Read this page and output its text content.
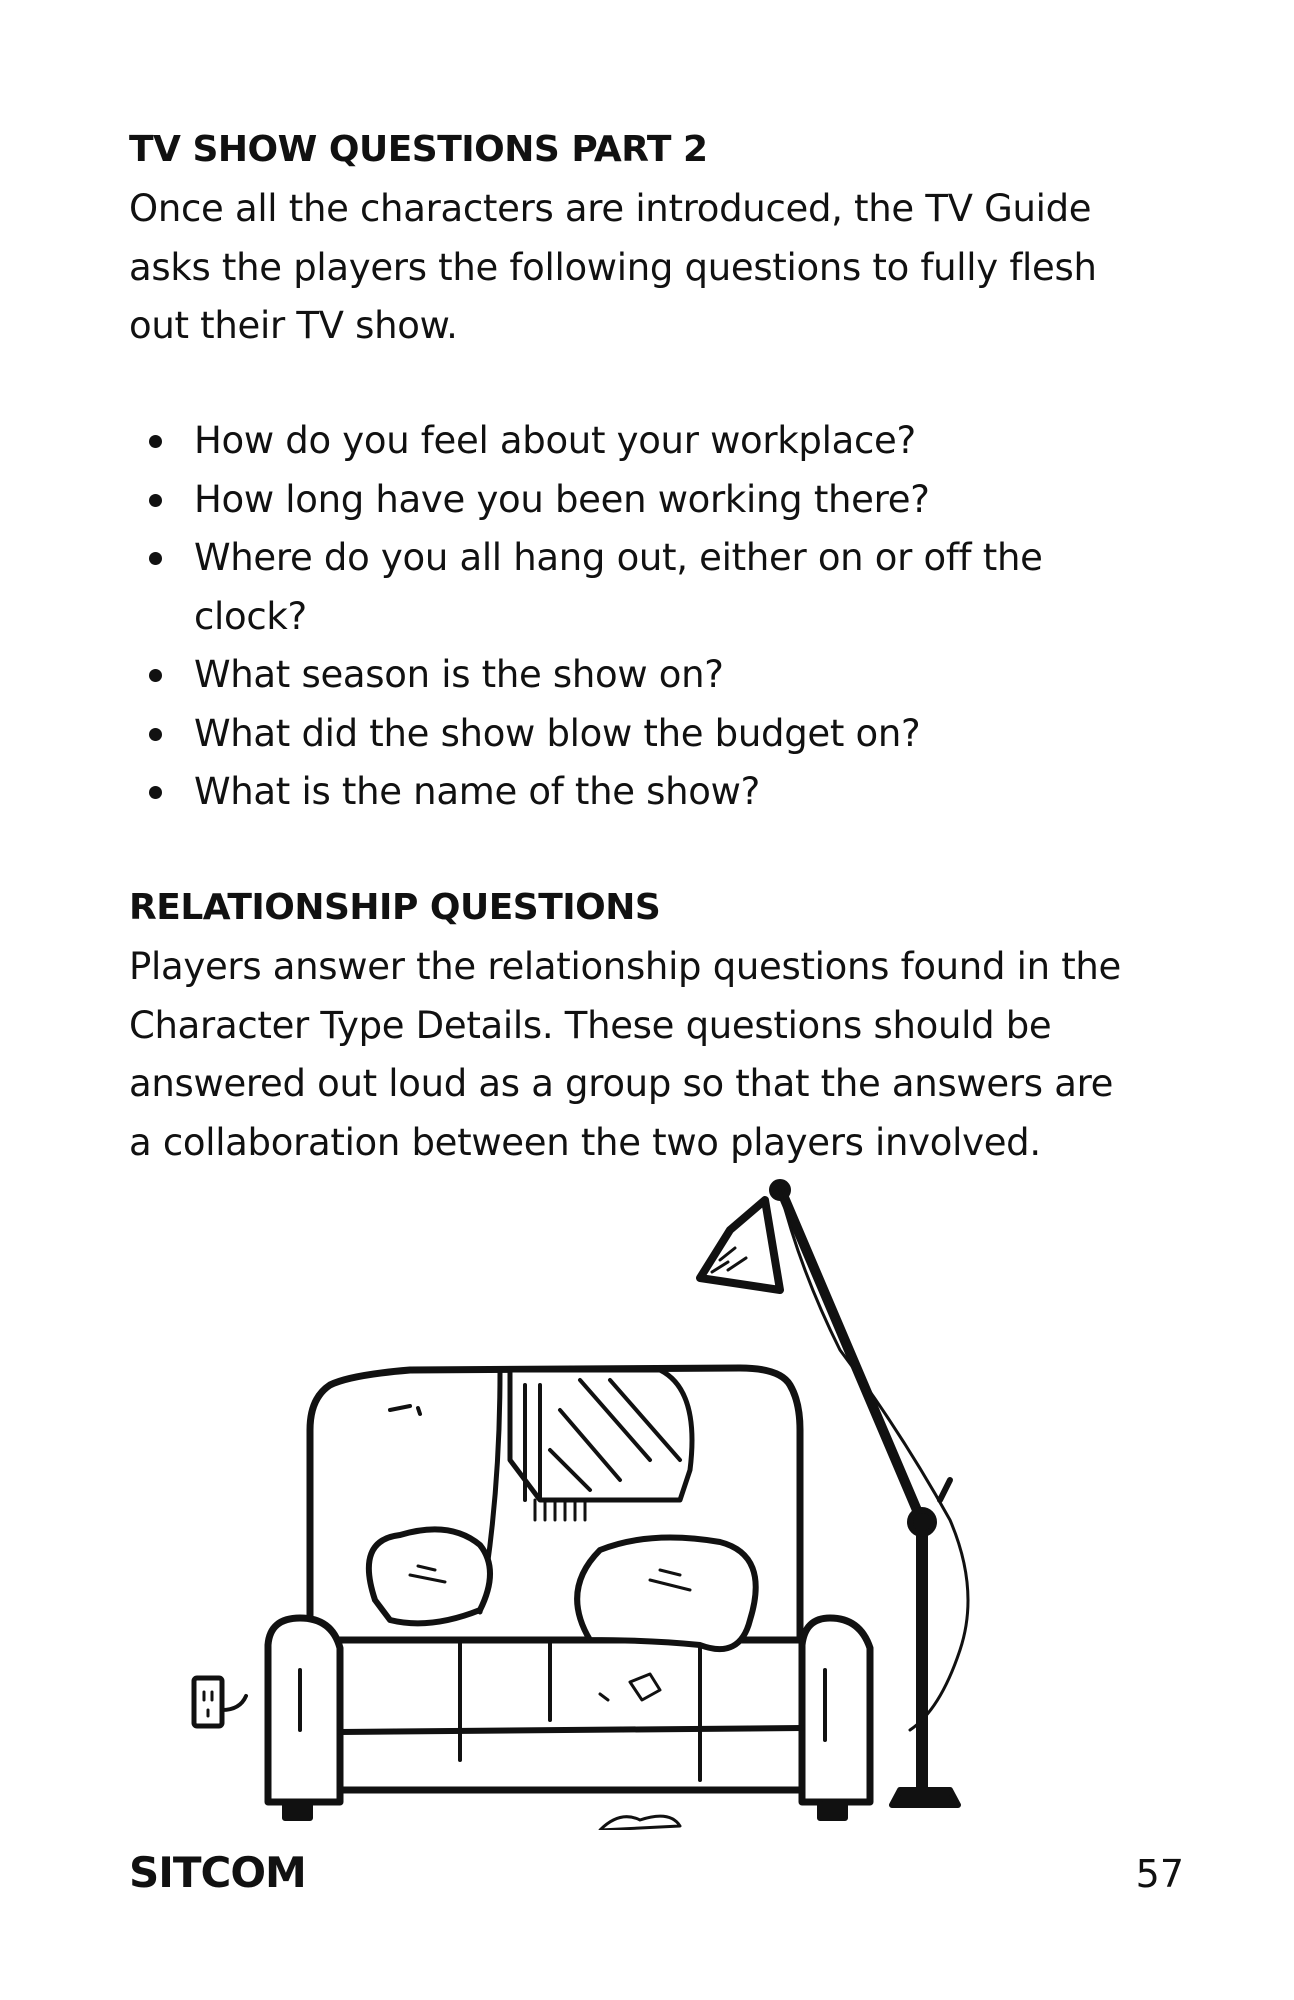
TV SHOW QUESTIONS PART 2

Once all the characters are introduced, the TV Guide asks the players the following questions to fully flesh out their TV show.

How do you feel about your workplace?
How long have you been working there?
Where do you all hang out, either on or off the clock?
What season is the show on?
What did the show blow the budget on?
What is the name of the show?
RELATIONSHIP QUESTIONS

Players answer the relationship questions found in the Character Type Details. These questions should be answered out loud as a group so that the answers are a collaboration between the two players involved.

SITCOM	57
